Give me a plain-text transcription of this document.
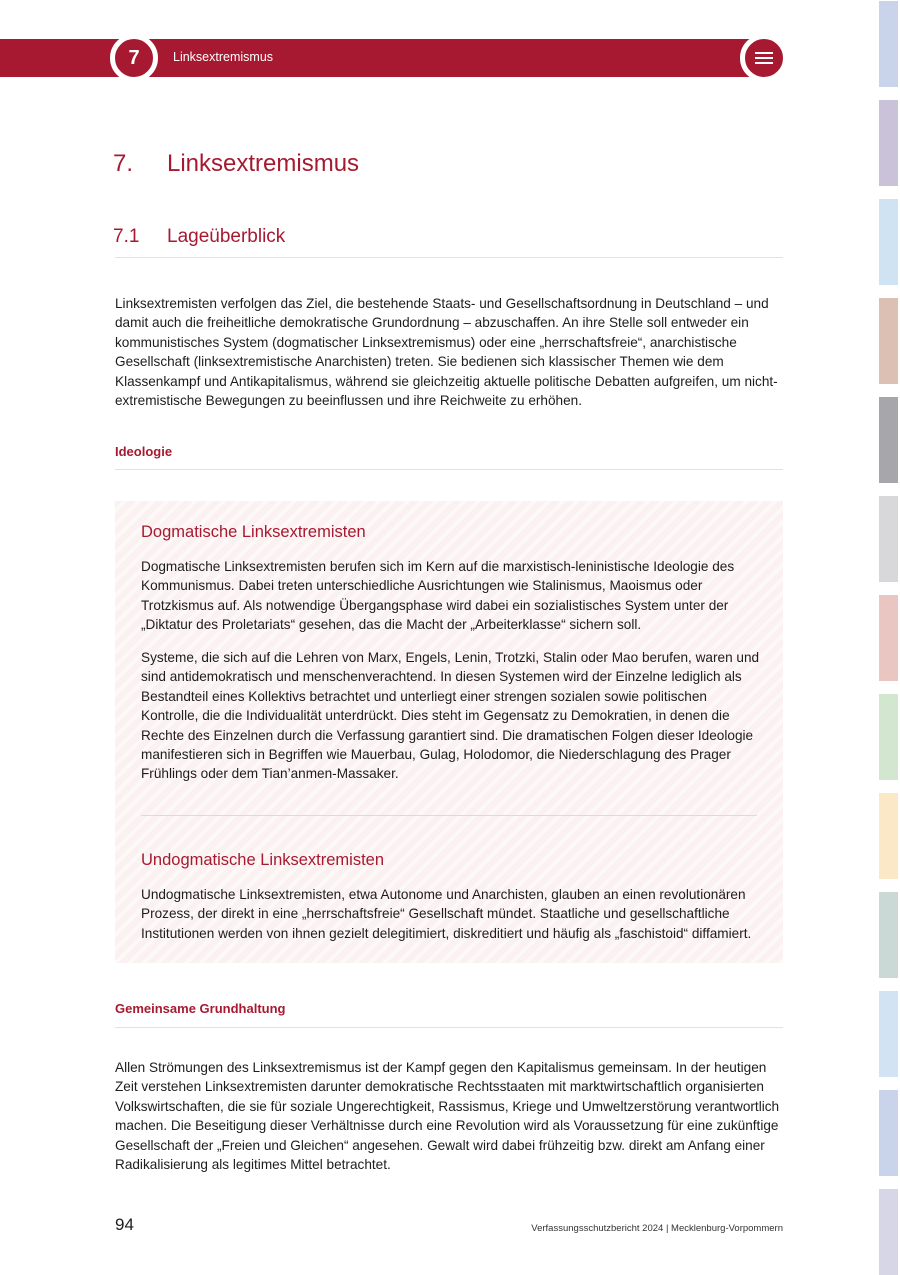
7	Linksextremismus
7.	Linksextremismus
7.1	Lageüberblick

Linksextremisten verfolgen das Ziel, die bestehende Staats- und Gesellschaftsordnung in Deutschland – und damit auch die freiheitliche demokratische Grundordnung – abzuschaffen. An ihre Stelle soll entweder ein kommunistisches System (dogmatischer Linksextremismus) oder eine „herrschaftsfreie“, anarchistische Gesellschaft (linksextremistische Anarchisten) treten. Sie bedienen sich klassischer Themen wie dem Klassenkampf und Antikapitalismus, während sie gleichzeitig aktuelle politische Debatten aufgreifen, um nicht-extremistische Bewegungen zu beeinflussen und ihre Reichweite zu erhöhen.

Ideologie
Dogmatische Linksextremisten

Dogmatische Linksextremisten berufen sich im Kern auf die marxistisch-leninistische Ideologie des Kommunismus. Dabei treten unterschiedliche Ausrichtungen wie Stalinismus, Maoismus oder Trotzkismus auf. Als notwendige Übergangsphase wird dabei ein sozialistisches System unter der „Diktatur des Proletariats“ gesehen, das die Macht der „Arbeiterklasse“ sichern soll.

Systeme, die sich auf die Lehren von Marx, Engels, Lenin, Trotzki, Stalin oder Mao berufen, waren und sind antidemokratisch und menschenverachtend. In diesen Systemen wird der Einzelne lediglich als Bestandteil eines Kollektivs betrachtet und unterliegt einer strengen sozialen sowie politischen Kontrolle, die die Individualität unterdrückt. Dies steht im Gegensatz zu Demokratien, in denen die Rechte des Einzelnen durch die Verfassung garantiert sind. Die dramatischen Folgen dieser Ideologie manifestieren sich in Begriffen wie Mauerbau, Gulag, Holodomor, die Niederschlagung des Prager Frühlings oder dem Tian’anmen-Massaker.

Undogmatische Linksextremisten

Undogmatische Linksextremisten, etwa Autonome und Anarchisten, glauben an einen revolutionären Prozess, der direkt in eine „herrschaftsfreie“ Gesellschaft mündet. Staatliche und gesellschaftliche Institutionen werden von ihnen gezielt delegitimiert, diskreditiert und häufig als „faschistoid“ diffamiert.

Gemeinsame Grundhaltung

Allen Strömungen des Linksextremismus ist der Kampf gegen den Kapitalismus gemeinsam. In der heutigen Zeit verstehen Linksextremisten darunter demokratische Rechtsstaaten mit marktwirtschaftlich organisierten Volkswirtschaften, die sie für soziale Ungerechtigkeit, Rassismus, Kriege und Umweltzerstörung verantwortlich machen. Die Beseitigung dieser Verhältnisse durch eine Revolution wird als Voraussetzung für eine zukünftige Gesellschaft der „Freien und Gleichen“ angesehen. Gewalt wird dabei frühzeitig bzw. direkt am Anfang einer Radikalisierung als legitimes Mittel betrachtet.

94	Verfassungsschutzbericht 2024 | Mecklenburg-Vorpommern
